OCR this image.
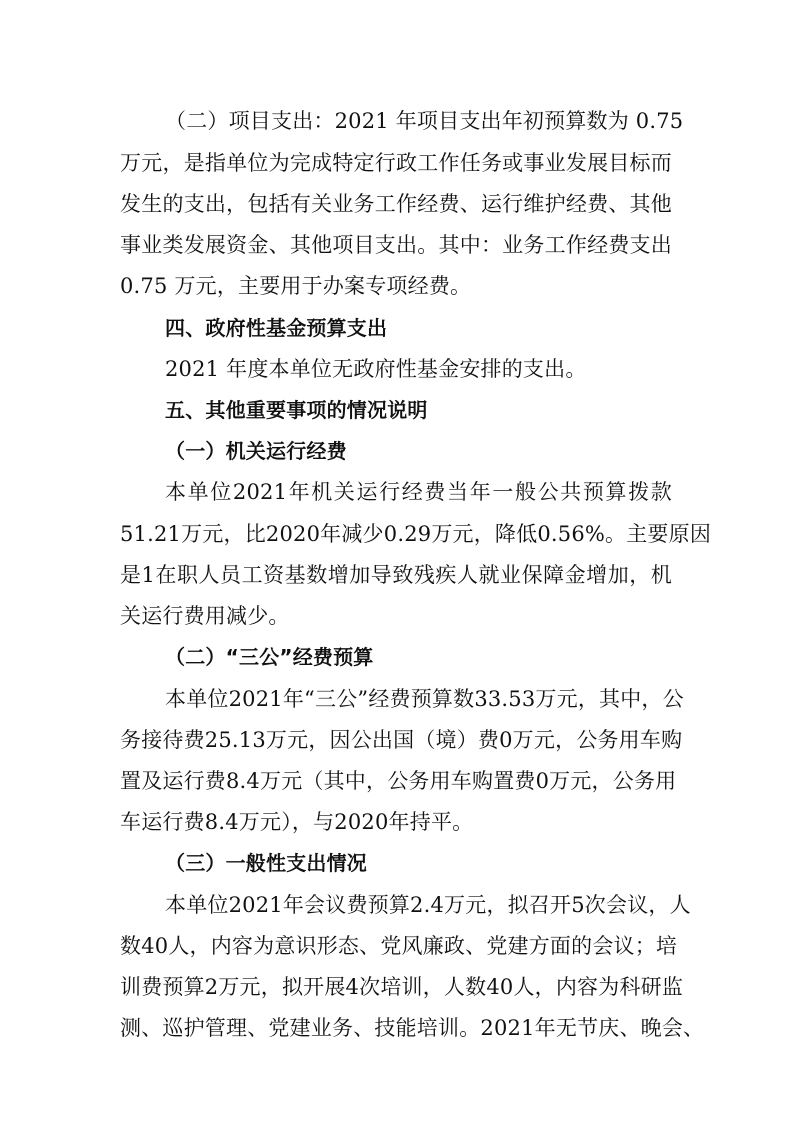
（二）项目支出：2021 年项目支出年初预算数为 0.75
万元，是指单位为完成特定行政工作任务或事业发展目标而
发生的支出，包括有关业务工作经费、运行维护经费、其他
事业类发展资金、其他项目支出。其中：业务工作经费支出
0.75 万元，主要用于办案专项经费。
四、政府性基金预算支出
2021 年度本单位无政府性基金安排的支出。
五、其他重要事项的情况说明
（一）机关运行经费
本单位2021年机关运行经费当年一般公共预算拨款
51.21万元，比2020年减少0.29万元，降低0.56%。主要原因
是1在职人员工资基数增加导致残疾人就业保障金增加，机
关运行费用减少。
（二）“三公”经费预算
本单位2021年“三公”经费预算数33.53万元，其中，公
务接待费25.13万元，因公出国（境）费0万元，公务用车购
置及运行费8.4万元（其中，公务用车购置费0万元，公务用
车运行费8.4万元），与2020年持平。
（三）一般性支出情况
本单位2021年会议费预算2.4万元，拟召开5次会议，人
数40人，内容为意识形态、党风廉政、党建方面的会议；培
训费预算2万元，拟开展4次培训，人数40人，内容为科研监
测、巡护管理、党建业务、技能培训。2021年无节庆、晚会、
